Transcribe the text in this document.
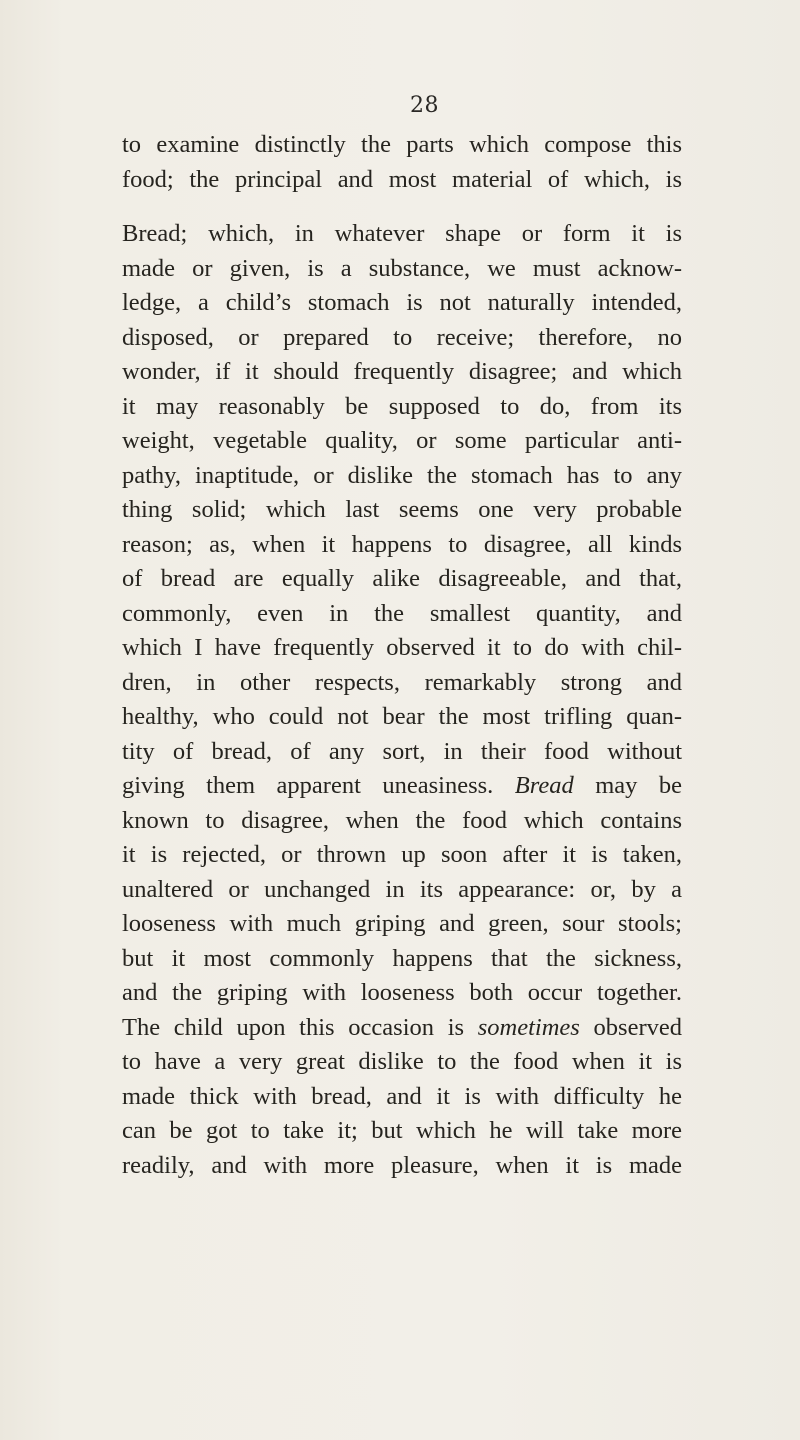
28
to examine distinctly the parts which compose this
food; the principal and most material of which, is
Bread; which, in whatever shape or form it is
made or given, is a substance, we must acknow-
ledge, a child’s stomach is not naturally intended,
disposed, or prepared to receive; therefore, no
wonder, if it should frequently disagree; and which
it may reasonably be supposed to do, from its
weight, vegetable quality, or some particular anti-
pathy, inaptitude, or dislike the stomach has to any
thing solid; which last seems one very probable
reason; as, when it happens to disagree, all kinds
of bread are equally alike disagreeable, and that,
commonly, even in the smallest quantity, and
which I have frequently observed it to do with chil-
dren, in other respects, remarkably strong and
healthy, who could not bear the most trifling quan-
tity of bread, of any sort, in their food without
giving them apparent uneasiness. Bread may be
known to disagree, when the food which contains
it is rejected, or thrown up soon after it is taken,
unaltered or unchanged in its appearance: or, by a
looseness with much griping and green, sour stools;
but it most commonly happens that the sickness,
and the griping with looseness both occur together.
The child upon this occasion is sometimes observed
to have a very great dislike to the food when it is
made thick with bread, and it is with difficulty he
can be got to take it; but which he will take more
readily, and with more pleasure, when it is made
